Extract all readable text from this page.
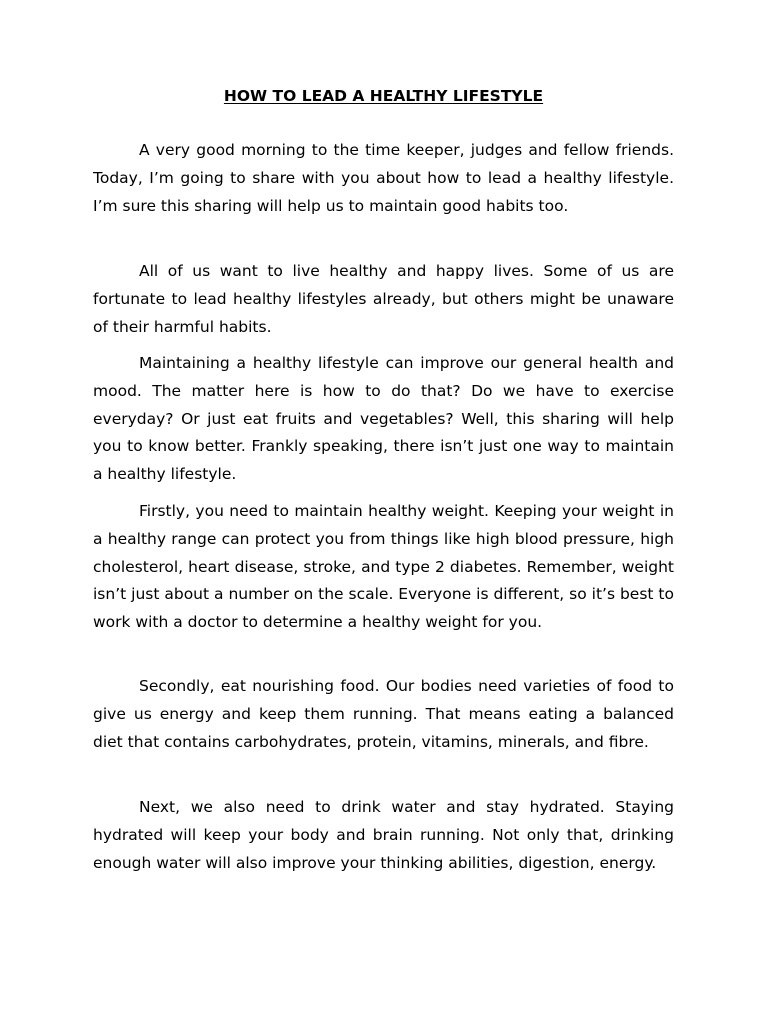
HOW TO LEAD A HEALTHY LIFESTYLE

A very good morning to the time keeper, judges and fellow friends. Today, I’m going to share with you about how to lead a healthy lifestyle. I’m sure this sharing will help us to maintain good habits too.

All of us want to live healthy and happy lives. Some of us are fortunate to lead healthy lifestyles already, but others might be unaware of their harmful habits.

Maintaining a healthy lifestyle can improve our general health and mood. The matter here is how to do that? Do we have to exercise everyday? Or just eat fruits and vegetables? Well, this sharing will help you to know better. Frankly speaking, there isn’t just one way to maintain a healthy lifestyle.

Firstly, you need to maintain healthy weight. Keeping your weight in a healthy range can protect you from things like high blood pressure, high cholesterol, heart disease, stroke, and type 2 diabetes. Remember, weight isn’t just about a number on the scale. Everyone is different, so it’s best to work with a doctor to determine a healthy weight for you.

Secondly, eat nourishing food. Our bodies need varieties of food to give us energy and keep them running. That means eating a balanced diet that contains carbohydrates, protein, vitamins, minerals, and fibre.

Next, we also need to drink water and stay hydrated. Staying hydrated will keep your body and brain running. Not only that, drinking enough water will also improve your thinking abilities, digestion, energy.
